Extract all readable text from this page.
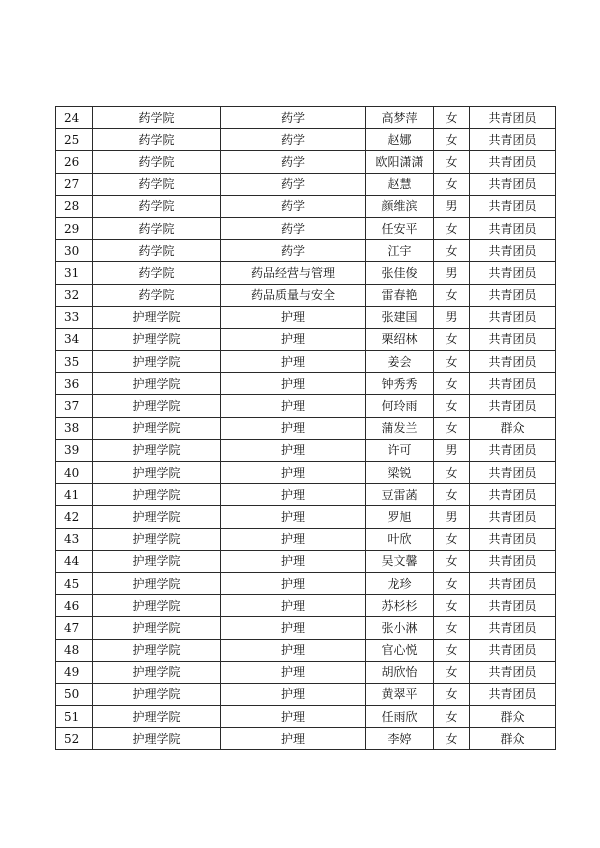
24	药学院	药学	高梦萍	女	共青团员
25	药学院	药学	赵娜	女	共青团员
26	药学院	药学	欧阳潇潇	女	共青团员
27	药学院	药学	赵慧	女	共青团员
28	药学院	药学	颜维滨	男	共青团员
29	药学院	药学	任安平	女	共青团员
30	药学院	药学	江宇	女	共青团员
31	药学院	药品经营与管理	张佳俊	男	共青团员
32	药学院	药品质量与安全	雷春艳	女	共青团员
33	护理学院	护理	张建国	男	共青团员
34	护理学院	护理	栗绍林	女	共青团员
35	护理学院	护理	姜会	女	共青团员
36	护理学院	护理	钟秀秀	女	共青团员
37	护理学院	护理	何玲雨	女	共青团员
38	护理学院	护理	蒲发兰	女	群众
39	护理学院	护理	许可	男	共青团员
40	护理学院	护理	梁锐	女	共青团员
41	护理学院	护理	豆雷菡	女	共青团员
42	护理学院	护理	罗旭	男	共青团员
43	护理学院	护理	叶欣	女	共青团员
44	护理学院	护理	吴文馨	女	共青团员
45	护理学院	护理	龙珍	女	共青团员
46	护理学院	护理	苏杉杉	女	共青团员
47	护理学院	护理	张小淋	女	共青团员
48	护理学院	护理	官心悦	女	共青团员
49	护理学院	护理	胡欣怡	女	共青团员
50	护理学院	护理	黄翠平	女	共青团员
51	护理学院	护理	任雨欣	女	群众
52	护理学院	护理	李婷	女	群众
